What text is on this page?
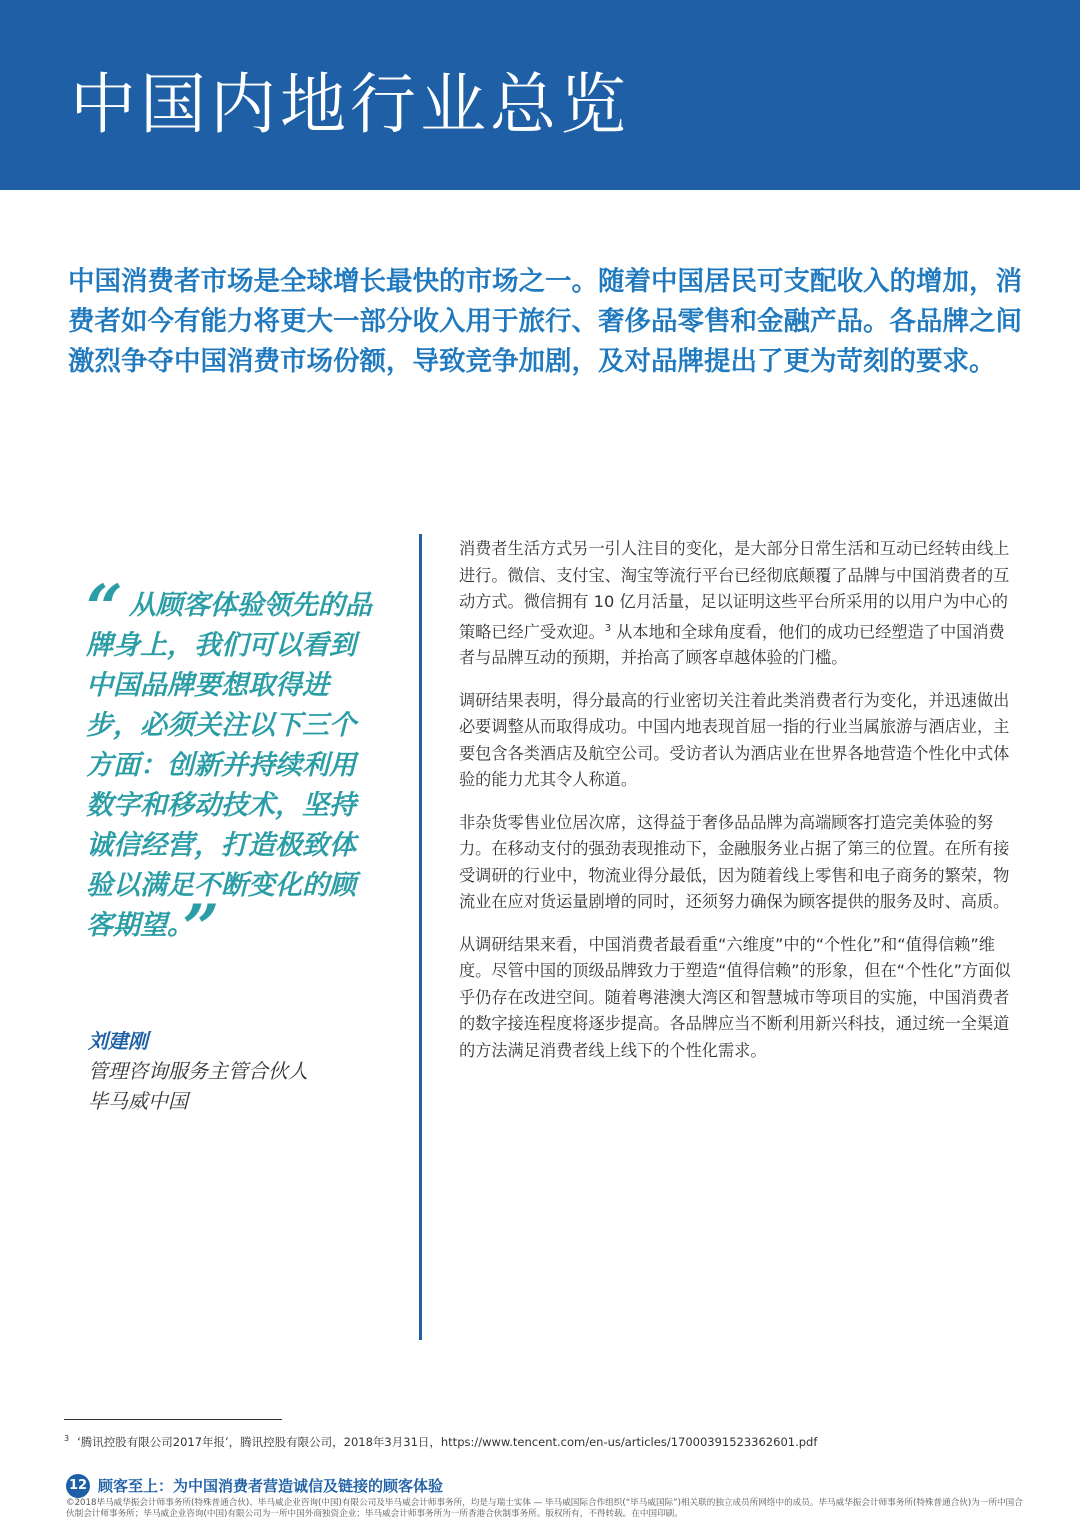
中国内地行业总览

中国消费者市场是全球增长最快的市场之一。随着中国居民可支配收入的增加，消费者如今有能力将更大一部分收入用于旅行、奢侈品零售和金融产品。各品牌之间激烈争夺中国消费市场份额，导致竞争加剧，及对品牌提出了更为苛刻的要求。

“ 从顾客体验领先的品牌身上，我们可以看到中国品牌要想取得进步，必须关注以下三个方面：创新并持续利用数字和移动技术，坚持诚信经营，打造极致体验以满足不断变化的顾客期望。”
刘建刚
管理咨询服务主管合伙人
毕马威中国

消费者生活方式另一引人注目的变化，是大部分日常生活和互动已经转由线上进行。微信、支付宝、淘宝等流行平台已经彻底颠覆了品牌与中国消费者的互动方式。微信拥有 10 亿月活量，足以证明这些平台所采用的以用户为中心的策略已经广受欢迎。$^3$ 从本地和全球角度看，他们的成功已经塑造了中国消费者与品牌互动的预期，并抬高了顾客卓越体验的门槛。

调研结果表明，得分最高的行业密切关注着此类消费者行为变化，并迅速做出必要调整从而取得成功。中国内地表现首屈一指的行业当属旅游与酒店业，主要包含各类酒店及航空公司。受访者认为酒店业在世界各地营造个性化中式体验的能力尤其令人称道。

非杂货零售业位居次席，这得益于奢侈品品牌为高端顾客打造完美体验的努力。在移动支付的强劲表现推动下，金融服务业占据了第三的位置。在所有接受调研的行业中，物流业得分最低，因为随着线上零售和电子商务的繁荣，物流业在应对货运量剧增的同时，还须努力确保为顾客提供的服务及时、高质。

从调研结果来看，中国消费者最看重“六维度”中的“个性化”和“值得信赖”维度。尽管中国的顶级品牌致力于塑造“值得信赖”的形象，但在“个性化”方面似乎仍存在改进空间。随着粤港澳大湾区和智慧城市等项目的实施，中国消费者的数字接连程度将逐步提高。各品牌应当不断利用新兴科技，通过统一全渠道的方法满足消费者线上线下的个性化需求。

$^3$ ‘腾讯控股有限公司2017年报’，腾讯控股有限公司，2018年3月31日，https://www.tencent.com/en-us/articles/17000391523362601.pdf
12 顾客至上：为中国消费者营造诚信及链接的顾客体验
©2018毕马威华振会计师事务所(特殊普通合伙)、毕马威企业咨询(中国)有限公司及毕马威会计师事务所，均是与瑞士实体 — 毕马威国际合作组织(“毕马威国际”)相关联的独立成员所网络中的成员。毕马威华振会计师事务所(特殊普通合伙)为一所中国合伙制会计师事务所；毕马威企业咨询(中国)有限公司为一所中国外商独资企业；毕马威会计师事务所为一所香港合伙制事务所。版权所有，不得转载。在中国印刷。
